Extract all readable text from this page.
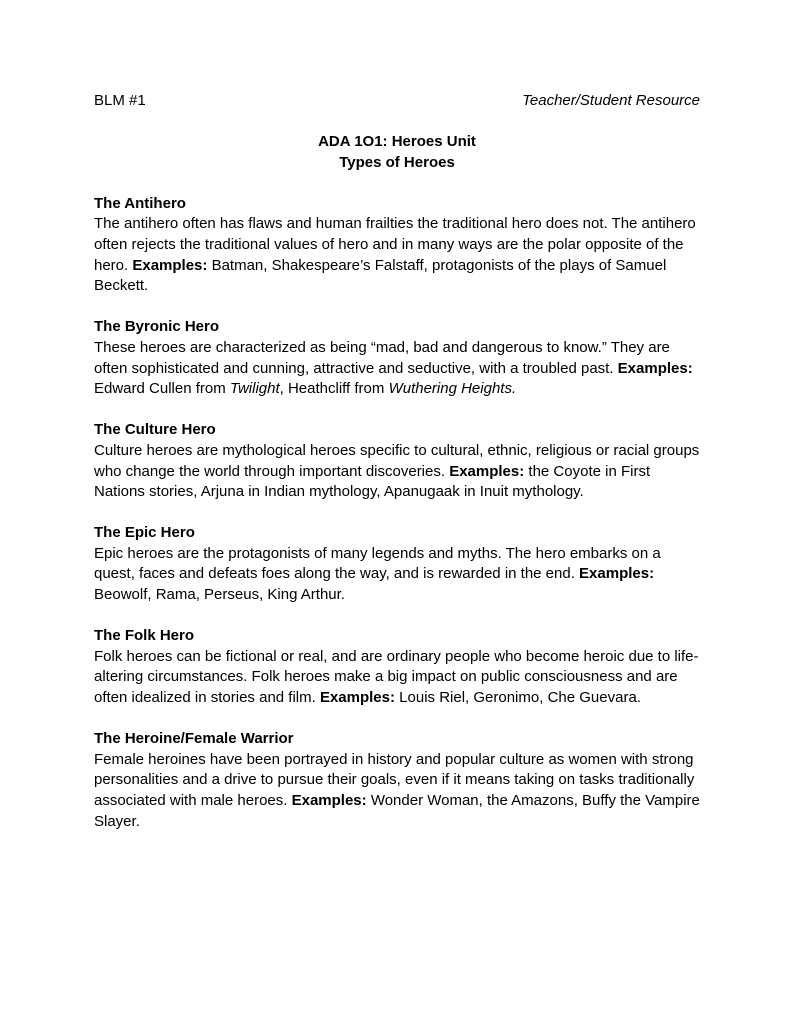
BLM #1	Teacher/Student Resource
ADA 1O1: Heroes Unit
Types of Heroes
The Antihero
The antihero often has flaws and human frailties the traditional hero does not. The antihero often rejects the traditional values of hero and in many ways are the polar opposite of the hero. Examples: Batman, Shakespeare’s Falstaff, protagonists of the plays of Samuel Beckett.
The Byronic Hero
These heroes are characterized as being “mad, bad and dangerous to know.” They are often sophisticated and cunning, attractive and seductive, with a troubled past. Examples: Edward Cullen from Twilight, Heathcliff from Wuthering Heights.
The Culture Hero
Culture heroes are mythological heroes specific to cultural, ethnic, religious or racial groups who change the world through important discoveries. Examples: the Coyote in First Nations stories, Arjuna in Indian mythology, Apanugaak in Inuit mythology.
The Epic Hero
Epic heroes are the protagonists of many legends and myths. The hero embarks on a quest, faces and defeats foes along the way, and is rewarded in the end. Examples: Beowolf, Rama, Perseus, King Arthur.
The Folk Hero
Folk heroes can be fictional or real, and are ordinary people who become heroic due to life-altering circumstances. Folk heroes make a big impact on public consciousness and are often idealized in stories and film. Examples: Louis Riel, Geronimo, Che Guevara.
The Heroine/Female Warrior
Female heroines have been portrayed in history and popular culture as women with strong personalities and a drive to pursue their goals, even if it means taking on tasks traditionally associated with male heroes. Examples: Wonder Woman, the Amazons, Buffy the Vampire Slayer.
